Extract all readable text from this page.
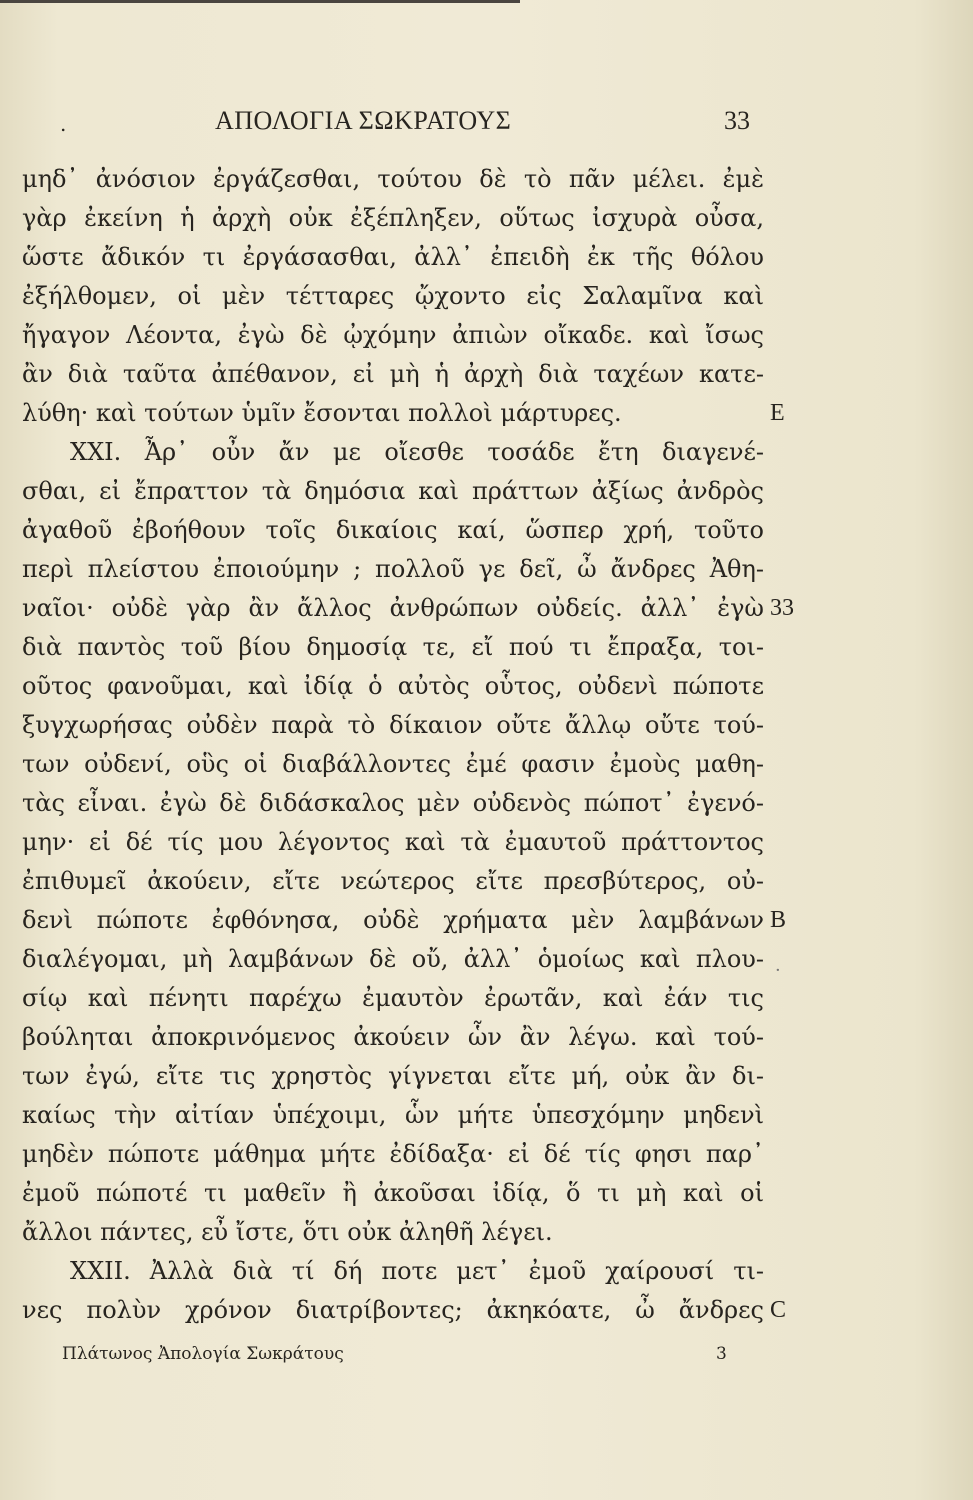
.	ΑΠΟΛΟΓΙΑ ΣΩΚΡΑΤΟΥΣ	33
μηδ᾽ ἀνόσιον ἐργάζεσθαι, τούτου δὲ τὸ πᾶν μέλει. ἐμὲ
γὰρ ἐκείνη ἡ ἀρχὴ οὐκ ἐξέπληξεν, οὕτως ἰσχυρὰ οὖσα,
ὥστε ἄδικόν τι ἐργάσασθαι, ἀλλ᾽ ἐπειδὴ ἐκ τῆς θόλου
ἐξήλθομεν, οἱ μὲν τέτταρες ᾤχοντο εἰς Σαλαμῖνα καὶ
ἤγαγον Λέοντα, ἐγὼ δὲ ᾠχόμην ἀπιὼν οἴκαδε. καὶ ἴσως
ἂν διὰ ταῦτα ἀπέθανον, εἰ μὴ ἡ ἀρχὴ διὰ ταχέων κατε-
λύθη· καὶ τούτων ὑμῖν ἔσονται πολλοὶ μάρτυρες.
XXI. Ἆρ᾽ οὖν ἄν με οἴεσθε τοσάδε ἔτη διαγενέ-
σθαι, εἰ ἔπραττον τὰ δημόσια καὶ πράττων ἀξίως ἀνδρὸς
ἀγαθοῦ ἐβοήθουν τοῖς δικαίοις καί, ὥσπερ χρή, τοῦτο
περὶ πλείστου ἐποιούμην ; πολλοῦ γε δεῖ, ὦ ἄνδρες Ἀθη-
ναῖοι· οὐδὲ γὰρ ἂν ἄλλος ἀνθρώπων οὐδείς. ἀλλ᾽ ἐγὼ
διὰ παντὸς τοῦ βίου δημοσίᾳ τε, εἴ πού τι ἔπραξα, τοι-
οῦτος φανοῦμαι, καὶ ἰδίᾳ ὁ αὐτὸς οὗτος, οὐδενὶ πώποτε
ξυγχωρήσας οὐδὲν παρὰ τὸ δίκαιον οὔτε ἄλλῳ οὔτε τού-
των οὐδενί, οὓς οἱ διαβάλλοντες ἐμέ φασιν ἐμοὺς μαθη-
τὰς εἶναι. ἐγὼ δὲ διδάσκαλος μὲν οὐδενὸς πώποτ᾽ ἐγενό-
μην· εἰ δέ τίς μου λέγοντος καὶ τὰ ἐμαυτοῦ πράττοντος
ἐπιθυμεῖ ἀκούειν, εἴτε νεώτερος εἴτε πρεσβύτερος, οὐ-
δενὶ πώποτε ἐφθόνησα, οὐδὲ χρήματα μὲν λαμβάνων
διαλέγομαι, μὴ λαμβάνων δὲ οὔ, ἀλλ᾽ ὁμοίως καὶ πλου-
σίῳ καὶ πένητι παρέχω ἐμαυτὸν ἐρωτᾶν, καὶ ἐάν τις
βούληται ἀποκρινόμενος ἀκούειν ὧν ἂν λέγω. καὶ τού-
των ἐγώ, εἴτε τις χρηστὸς γίγνεται εἴτε μή, οὐκ ἂν δι-
καίως τὴν αἰτίαν ὑπέχοιμι, ὧν μήτε ὑπεσχόμην μηδενὶ
μηδὲν πώποτε μάθημα μήτε ἐδίδαξα· εἰ δέ τίς φησι παρ᾽
ἐμοῦ πώποτέ τι μαθεῖν ἢ ἀκοῦσαι ἰδίᾳ, ὅ τι μὴ καὶ οἱ
ἄλλοι πάντες, εὖ ἴστε, ὅτι οὐκ ἀληθῆ λέγει.
XXII. Ἀλλὰ διὰ τί δή ποτε μετ᾽ ἐμοῦ χαίρουσί τι-
νες πολὺν χρόνον διατρίβοντες; ἀκηκόατε, ὦ ἄνδρες
E
33
B
C
·
Πλάτωνος Ἀπολογία Σωκράτους	3
